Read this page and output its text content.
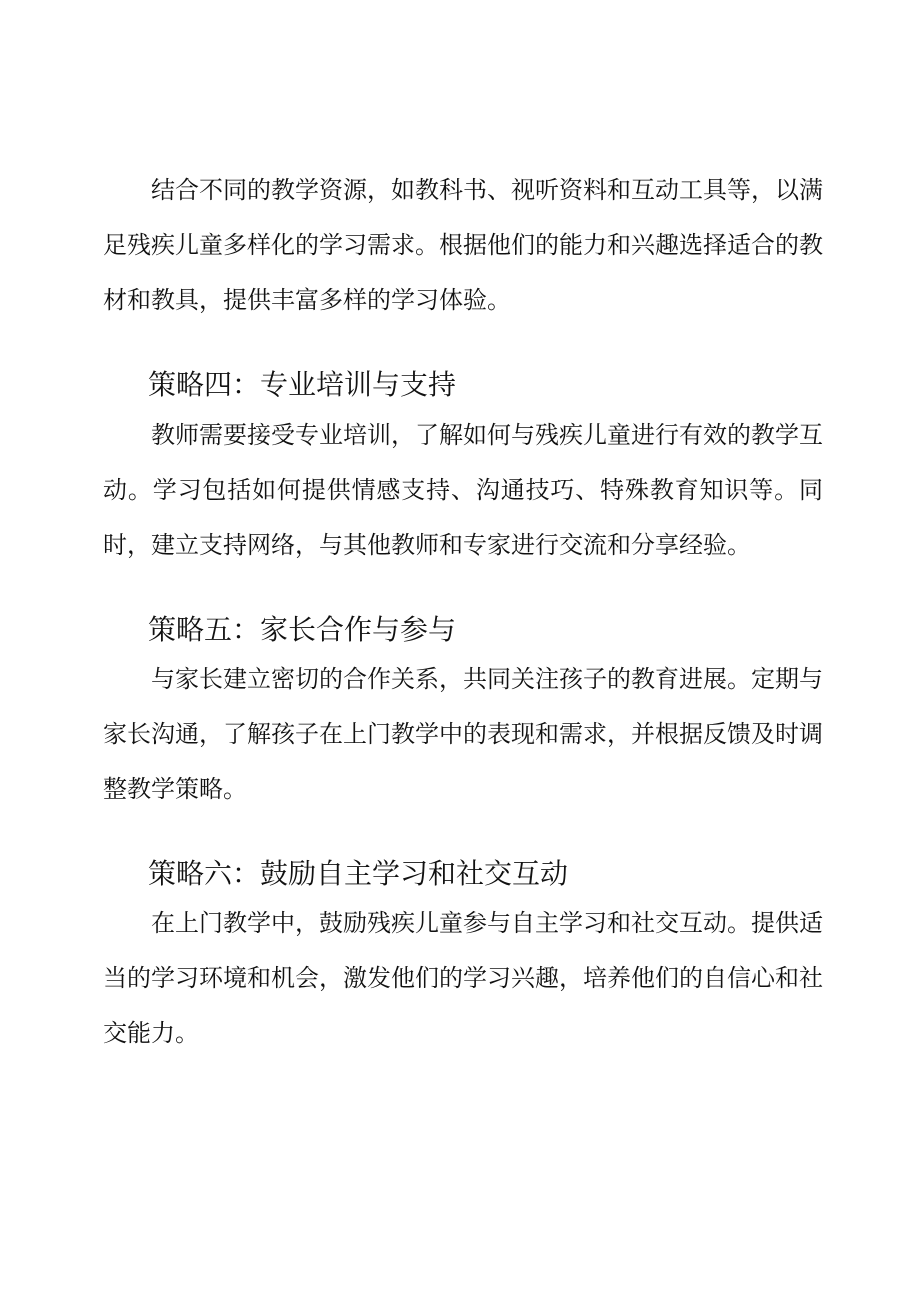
结合不同的教学资源，如教科书、视听资料和互动工具等，以满足残疾儿童多样化的学习需求。根据他们的能力和兴趣选择适合的教材和教具，提供丰富多样的学习体验。

策略四：专业培训与支持

教师需要接受专业培训，了解如何与残疾儿童进行有效的教学互动。学习包括如何提供情感支持、沟通技巧、特殊教育知识等。同时，建立支持网络，与其他教师和专家进行交流和分享经验。

策略五：家长合作与参与

与家长建立密切的合作关系，共同关注孩子的教育进展。定期与家长沟通，了解孩子在上门教学中的表现和需求，并根据反馈及时调整教学策略。

策略六：鼓励自主学习和社交互动

在上门教学中，鼓励残疾儿童参与自主学习和社交互动。提供适当的学习环境和机会，激发他们的学习兴趣，培养他们的自信心和社交能力。
